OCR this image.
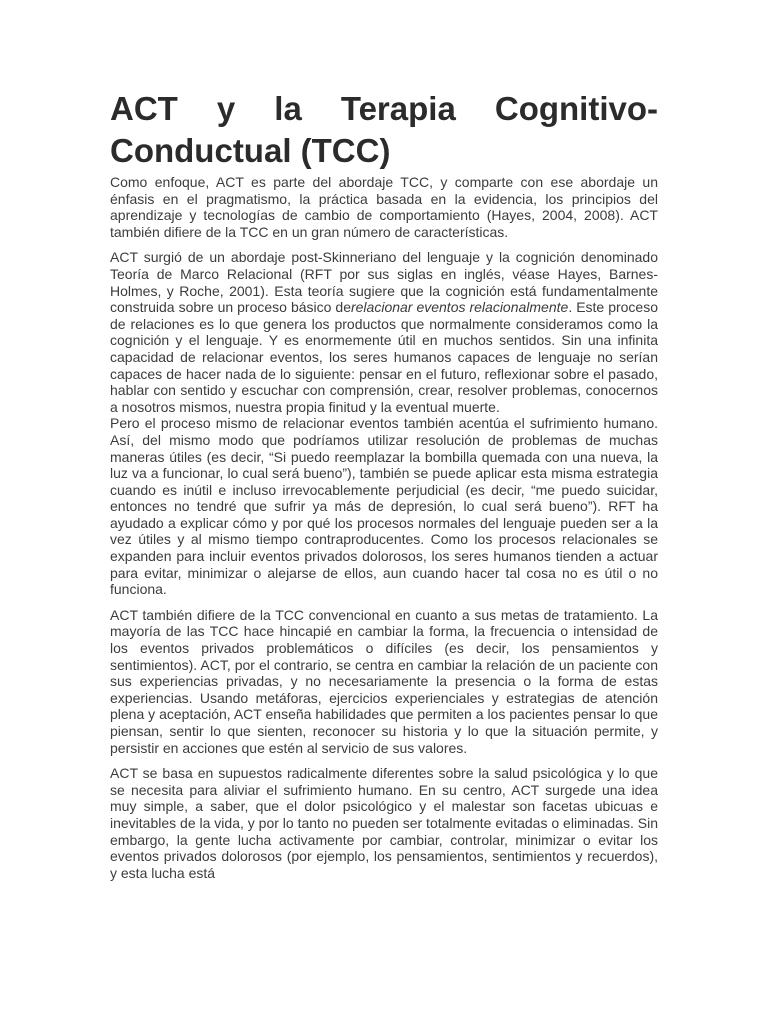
ACT y la Terapia Cognitivo-Conductual (TCC)

Como enfoque, ACT es parte del abordaje TCC, y comparte con ese abordaje un énfasis en el pragmatismo, la práctica basada en la evidencia, los principios del aprendizaje y tecnologías de cambio de comportamiento (Hayes, 2004, 2008). ACT también difiere de la TCC en un gran número de características.

ACT surgió de un abordaje post-Skinneriano del lenguaje y la cognición denominado Teoría de Marco Relacional (RFT por sus siglas en inglés, véase Hayes, Barnes-Holmes, y Roche, 2001). Esta teoría sugiere que la cognición está fundamentalmente construida sobre un proceso básico derelacionar eventos relacionalmente. Este proceso de relaciones es lo que genera los productos que normalmente consideramos como la cognición y el lenguaje. Y es enormemente útil en muchos sentidos. Sin una infinita capacidad de relacionar eventos, los seres humanos capaces de lenguaje no serían capaces de hacer nada de lo siguiente: pensar en el futuro, reflexionar sobre el pasado, hablar con sentido y escuchar con comprensión, crear, resolver problemas, conocernos a nosotros mismos, nuestra propia finitud y la eventual muerte.

Pero el proceso mismo de relacionar eventos también acentúa el sufrimiento humano. Así, del mismo modo que podríamos utilizar resolución de problemas de muchas maneras útiles (es decir, “Si puedo reemplazar la bombilla quemada con una nueva, la luz va a funcionar, lo cual será bueno”), también se puede aplicar esta misma estrategia cuando es inútil e incluso irrevocablemente perjudicial (es decir, “me puedo suicidar, entonces no tendré que sufrir ya más de depresión, lo cual será bueno”). RFT ha ayudado a explicar cómo y por qué los procesos normales del lenguaje pueden ser a la vez útiles y al mismo tiempo contraproducentes. Como los procesos relacionales se expanden para incluir eventos privados dolorosos, los seres humanos tienden a actuar para evitar, minimizar o alejarse de ellos, aun cuando hacer tal cosa no es útil o no funciona.

ACT también difiere de la TCC convencional en cuanto a sus metas de tratamiento. La mayoría de las TCC hace hincapié en cambiar la forma, la frecuencia o intensidad de los eventos privados problemáticos o difíciles (es decir, los pensamientos y sentimientos). ACT, por el contrario, se centra en cambiar la relación de un paciente con sus experiencias privadas, y no necesariamente la presencia o la forma de estas experiencias. Usando metáforas, ejercicios experienciales y estrategias de atención plena y aceptación, ACT enseña habilidades que permiten a los pacientes pensar lo que piensan, sentir lo que sienten, reconocer su historia y lo que la situación permite, y persistir en acciones que estén al servicio de sus valores.

ACT se basa en supuestos radicalmente diferentes sobre la salud psicológica y lo que se necesita para aliviar el sufrimiento humano. En su centro, ACT surgede una idea muy simple, a saber, que el dolor psicológico y el malestar son facetas ubicuas e inevitables de la vida, y por lo tanto no pueden ser totalmente evitadas o eliminadas. Sin embargo, la gente lucha activamente por cambiar, controlar, minimizar o evitar los eventos privados dolorosos (por ejemplo, los pensamientos, sentimientos y recuerdos), y esta lucha está
